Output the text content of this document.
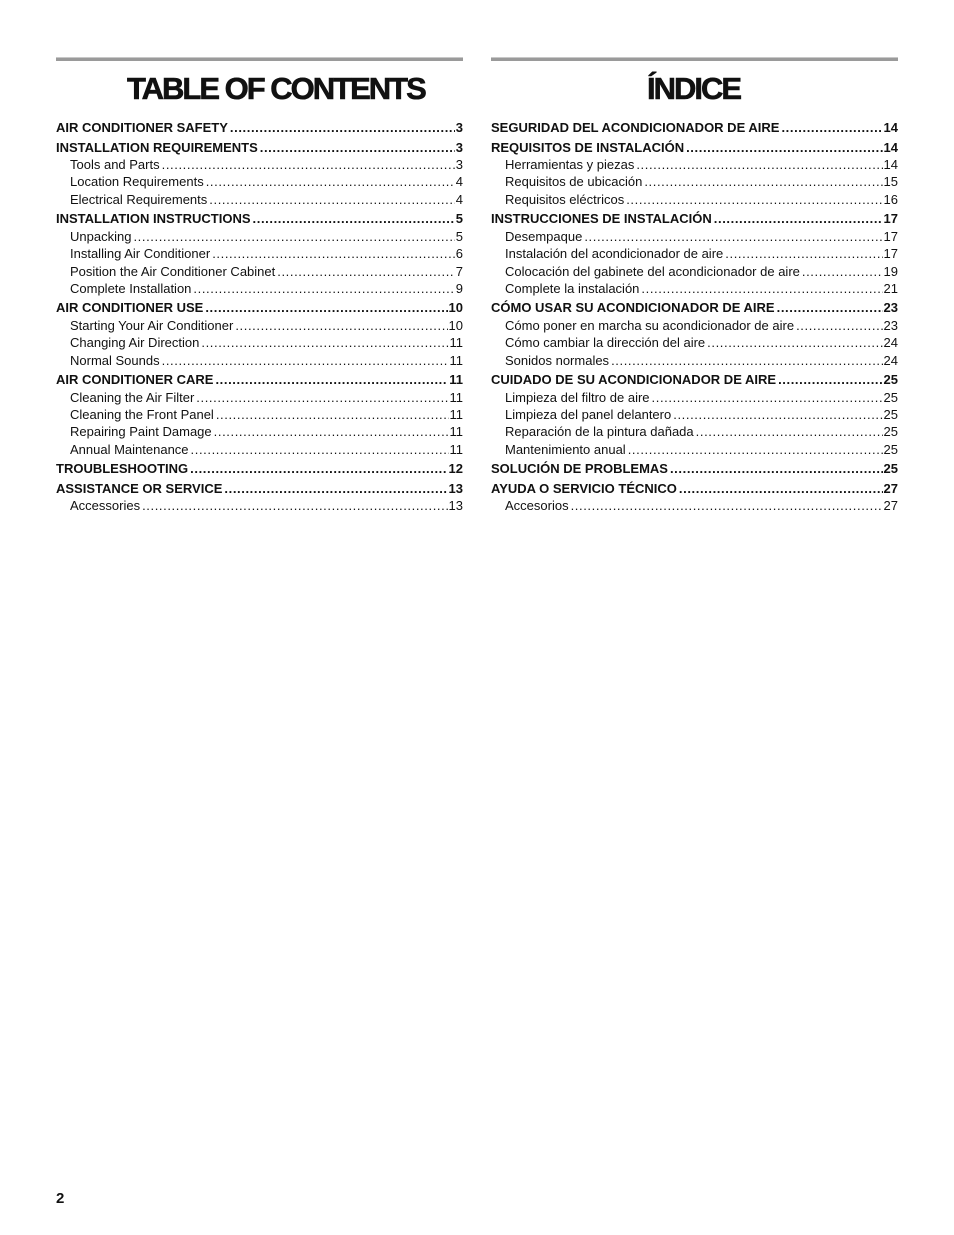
TABLE OF CONTENTS
AIR CONDITIONER SAFETY .....	3
INSTALLATION REQUIREMENTS .....	3
Tools and Parts .....	3
Location Requirements .....	4
Electrical Requirements .....	4
INSTALLATION INSTRUCTIONS .....	5
Unpacking .....	5
Installing Air Conditioner .....	6
Position the Air Conditioner Cabinet .....	7
Complete Installation .....	9
AIR CONDITIONER USE .....	10
Starting Your Air Conditioner .....	10
Changing Air Direction .....	11
Normal Sounds .....	11
AIR CONDITIONER CARE .....	11
Cleaning the Air Filter .....	11
Cleaning the Front Panel .....	11
Repairing Paint Damage .....	11
Annual Maintenance .....	11
TROUBLESHOOTING .....	12
ASSISTANCE OR SERVICE .....	13
Accessories .....	13
ÍNDICE
SEGURIDAD DEL ACONDICIONADOR DE AIRE .....	14
REQUISITOS DE INSTALACIÓN .....	14
Herramientas y piezas .....	14
Requisitos de ubicación .....	15
Requisitos eléctricos .....	16
INSTRUCCIONES DE INSTALACIÓN .....	17
Desempaque .....	17
Instalación del acondicionador de aire .....	17
Colocación del gabinete del acondicionador de aire .....	19
Complete la instalación .....	21
CÓMO USAR SU ACONDICIONADOR DE AIRE .....	23
Cómo poner en marcha su acondicionador de aire .....	23
Cómo cambiar la dirección del aire .....	24
Sonidos normales .....	24
CUIDADO DE SU ACONDICIONADOR DE AIRE .....	25
Limpieza del filtro de aire .....	25
Limpieza del panel delantero .....	25
Reparación de la pintura dañada .....	25
Mantenimiento anual .....	25
SOLUCIÓN DE PROBLEMAS .....	25
AYUDA O SERVICIO TÉCNICO .....	27
Accesorios .....	27
2
